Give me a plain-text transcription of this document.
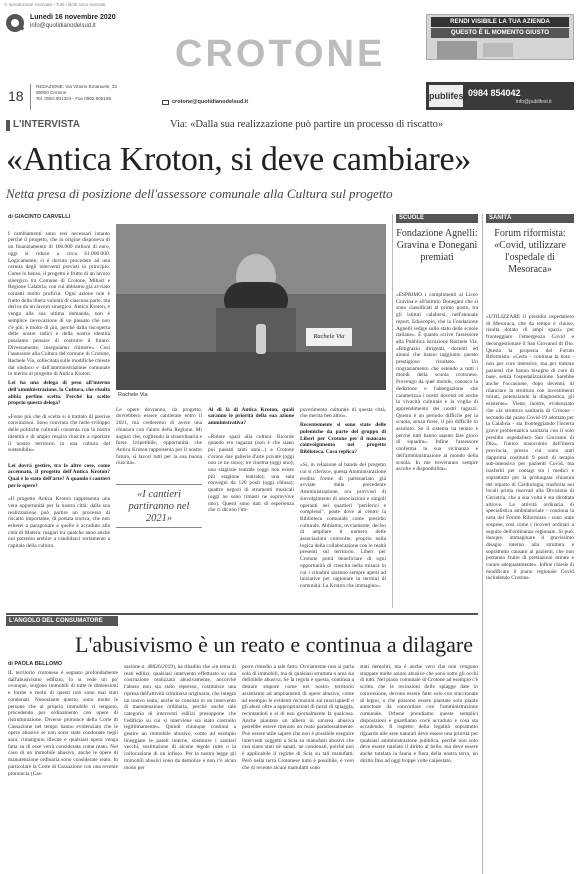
© riproduzione riservata - Tutti i diritti sono riservati
Lunedì 16 novembre 2020
info@quotidianodelsud.it
CROTONE
RENDI VISIBILE LA TUA AZIENDA
QUESTO È IL MOMENTO GIUSTO
18
REDAZIONE: Via Vittorio Emanuele, 32
88900 Crotone
Tel. 0962.901324 - Fax 0962.905185
crotone@quotidianodelsud.it
publifest 0984 854042
info@publifest.it
L'INTERVISTA	Via: «Dalla sua realizzazione può partire un processo di riscatto»
«Antica Kroton, si deve cambiare»
Netta presa di posizione dell'assessore comunale alla Cultura sul progetto
di GIACINTO CARVELLI

I cambiamenti sono resi necessari intanto perché il progetto, che in origine disponeva di un finanziamento di 100.000 milioni di euro, oggi si riduce a circa 61.000.000. Logicamente, si è dovuto procedere ad una cernita degli interventi previsti in principio. Come lo benso, il progetto è frutto di un lavoro sinergico tra Comune di Crotone, Mibact e Regione Calabria, con cui abbiamo già avviato contatti molto proficui. Ogni azione non è frutto della libera volontà di ciascuna parte, ma deriva da un lavoro sinergico. Antica Kroton, e vengo alla sua ultima domanda, non è semplice rievocazione di un passato che non c'è più; è molto di più, perché dalla riscoperta delle nostre radici e della nostra identità possiamo pensare di costruire il futuro. Diversamente, inseguiamo chimere». Così l'assessore alla Cultura del comune di Crotone, Rachele Via, sollecitata sulle modifiche chieste dal sindaco e dall'amministrazione comunale in merito al progetto di Antica Kroton.

Lei ha una delega di peso all'interno dell'amministrazione, la Cultura, che risulta abbia perfino scelto. Perché ha scelto proprio questa delega?

«Forse più che di scelta si è trattato di precise convinzioni. Sono convinta che nelle sviluppo delle politiche culturali consenta con la nostra identità e di ampio respiro riuscire a riportare il nostro territorio in una cultura del sostenibile».

Lei dovrà gestire, tra le altre cose, come accennato, il progetto dell'Antica Kroton? Quai è lo stato dell'arte? A quando i cantieri per le opere?

«Il progetto Antica Kroton rappresenta una vera opportunità per la nostra città: dalla sua realizzazione può partire un processo di riscatto importante, di portata storica, che non esiterei a paragonare a quello è accaduto alla città di Matera: magari tra qualche anno anche noi potremo ambire a candidarci seriamente a capitale della cultura.

Rachele Via
Rachele Via

Le opere dovranno, da progetto, dovrebbero essere cantierate entro il 2021, ma crederemo di avere una chiusura con l'aiuto della Regione. Mi auguro che, cogliendo la straordinaria e forse irripetibile, opportunità che Antica Kroton rappresenta per il nostro futuro, si lavori tutti per la sua buona riuscita».

«I cantieri partiranno nel 2021»

Al di là di Antica Kroton, quali saranno le priorità della sua azione amministrativa?

«Ridare spazi alla cultura. Ricorde quando ero ragazza (non è che siano poi passati tanti anni...) a Crotone c'erano due gallerie d'arte private (oggi non ce ne sono); tre cinema (oggi uno); una stagione teatrale (oggi non esiste più stagione teatrale); una sala convegni da 120 posti (oggi chiusa); quattro negozi di strumenti musicali (oggi ne sono rimasti ne sopravvive uno). Questi sono dati di esperienza che ci dicono l'im-

poverimento culturale di questa città, che merita ben altro».

Recentemente si sono state delle polemiche da parte del gruppo di Liberi per Crotone per il mancato coinvolgimento nel progetto Biblioteca. Cosa replica?

«Si, in relazione al bando del progetto cui si riferisce, questa Amministrazione eredita forme di partenariato già avviate dalla precedente Amministrazione, ora provvisti di sinvolgimento di associazioni e singoli operanti nei quartieri "periferici e complessi", poste dove al centro la Biblioteca comunale come presidio culturale. Abbiamo, ovviamente, deciso di ampliare il numero delle associazioni coinvolte, proprio nella logica della collaborazione con le realtà presenti sul territorio. Liberi per Crotone potrà beneficiare di ogni opportunità di crescita nella misura in cui i cittadini saranno sempre aperti ad iniziative per ragionare in termini di comunità. La Kroton che immagino».

SCUOLE
Fondazione Agnelli: Gravina e Donegani premiati
«ESPRIMO i complimenti al Liceo Gravina e all'istituto Donegani che si sono classificati al primo posto, tra gli istituti calabresi, nell'annuale report, Eduscopio, che la Fondazione Agnelli redige sullo stato delle scuole italiane». È quanto scrive l'assessore alla Pubblica istruzione Rachele Via. «Ringrazio dirigenti, docenti ed alunni che hanno raggiunto questo prestigioso risultato. Un ringraziamento che estendo a tutti i mondi della scuola crotonese. Provengo da quel mondo, conosco la dedizione e l'abnegazione che caratterizza i nostri docenti ed anche la vivacità culturale e la voglia di apprendimento dei nostri ragazzi. Questo è un periodo difficile per la scuola, senza forse, il più difficile in assoluto. Se il sistema ha tenuto è perché tutti hanno saputo fare gioco di squadra». Infine l'assessore conferma la sua vicinanza e dell'amministrazione al mondo della scuola. In me troveranno sempre ascolto e disponibilità».
SANITÀ
Forum riformista: «Covid, utilizzare l'ospedale di Mesoraca»
«UTILIZZARE il presidio ospedaliero di Mesoraca, che da tempo è chiuso, risulta dotato di ampi spazi» per fronteggiare l'emergenza Covid e decongestionare il San Giovanni di Dio. Questa la proposta del Forum Riformista. «Certo - continua la nota - non per cure intensive, ma per trattare pazienti che hanno bisogno di cure di base, senza l'ospedalizzazione. Sarebbe anche l'occasione, dopo decenni, di rilanciare la struttura con investimenti mirati, potenziando la diagnostica, gli esistente». Viene, inoltre, evidenziato che «la struttura sanitaria di Crotone - secondo dal piano Covid-19 adottato per la Calabria - sta fronteggiando l'incerta grave problematica sanitaria con il solo presidio ospedaliero San Giovanni di Dio», l'unico nosocomio dell'intera provincia, presso cui sono stati dapprima costituiti 9 posti di terapia sub-intensiva per pazienti Covid, ma trasferiti per contagi tra i medici e soprattutto per la prolungata chiusura del reparto di Cardiologia, trasferita nei locali prima riservati alla Divisione di Geriatria, che a sua volta è sta dirottata altrove. Le attività ordinaria di specialistica ambulatoriale - continua la nota del Forum Riformista - sono state sospese, così come i ricoveri ordinari a seguito dell'ordinanza regionale. Si può, dunque, immaginare il gravissimo disagio interno alla struttura e soprattutto causato ai pazienti, che non potranno fruire di prestazioni mirate e curare adeguatamente». Infine chiede di modificare il piano regionale Covid includendo Crotone.
L'ANGOLO DEL CONSUMATORE
L'abusivismo è un reato e continua a dilagare
di PAOLA BELLOMO
IL territorio crotonese è segnato profondamente dall'abusivismo edilizio, lo si vede un po' ovunque, sorgono immobili di tutte le dimensioni e forme e molti di questi non sono mai stati condonati. Nonostante questo, sono molte le persone che al proprio immobile vi tengono, procedendo per ordinamento con opere di ristrutturazione. Diverse pronunce della Corte di Cassazione nel tempo hanno evidenziato che le opere abusive se non sono state condonate negli anni, rimangono illecite e qualsiasi opera venga fatta su di esse verrà considerata come reato. Nel caso di un immobile abusivo, anche le opere di manutenzione ordinaria sono considerate reato. In particolare la Corte di Cassazione con una recente pronuncia (Cas-
sazione n. 48026/2019), ha ribadito che «in tema di reati edilizi, qualsiasi intervento effettuato su una costruzione realizzata abusivamente, ancorché l'abuso non sia stato represso, costituisce una ripresa dell'attività criminosa originaria, che integra un nuovo reato, anche se consista in un intervento di manutenzione ordinaria, perché anche tale categoria di interventi edilizi presuppone che l'edificio su cui si interviene sia stato costruito legittimamente». Quindi chiunque continui a gestire un immobile abusivo, come ad esempio lineggiare le pareti interne, sostituire i sanitari vecchi, sostituzione di alcune tegole rotte o la collocazione di un infisso. Per la nostra legge gli immobili abusivi sono da demolire e non c'è alcun modo per
porre rimedio a tale fatto. Ovviamente non si parla solo di immobili, ma di qualsiasi struttura o area sia definibile abusiva. Se la regola è questa, continua a destare stupore come nel nostro territorio assistiamo ad ampliamenti di opere abusive, come ad esempio le evidenti recinzioni sui marciapiedi o gli abusi oltre a appropriazioni di pezzi di spiaggia, recintandoli e ei di essi giornalmente fa qualcosa. Anche piantare un albero in un'area abusiva potrebbe essere ritenuto un reato paradossalmente. Può essere utile sapere che non è possibile eseguire interventi soggetti a Scia su manufatti abusivi che non siano stati né sanati, né condonati, poiché non è applicabile il regime di Scia su tali manufatti. Però nella terra Crotonese tutto è possibile, è vero che di recente alcuni manufatti sono
stati demoliti, ma è anche vero che non vengono stoppate molte azioni abusive che sono sotto gli occhi di tutti. Nel piano comunale di Crotone ad esempio c'è scritto che le recinzioni delle spiagge date in concessione, devono essere fatte solo con staccionate di legno, o che possono essere piantate solo piante autoctone da concordare con l'amministrazione comunale. Orbene prendiamo queste semplici disposizioni e guardiamo cos'è accaduto e cosa sta accadendo. Il rispetto della legalità soprattutto riguardo alle aree naturali deve essere una priorità per qualsiasi amministrazione pubblica, perché non solo deve essere tutelato il diritto al bello, ma deve essere anche tutelata la fauna e flora della nostra terra, un diritto fino ad oggi troppe volte calpestato.
